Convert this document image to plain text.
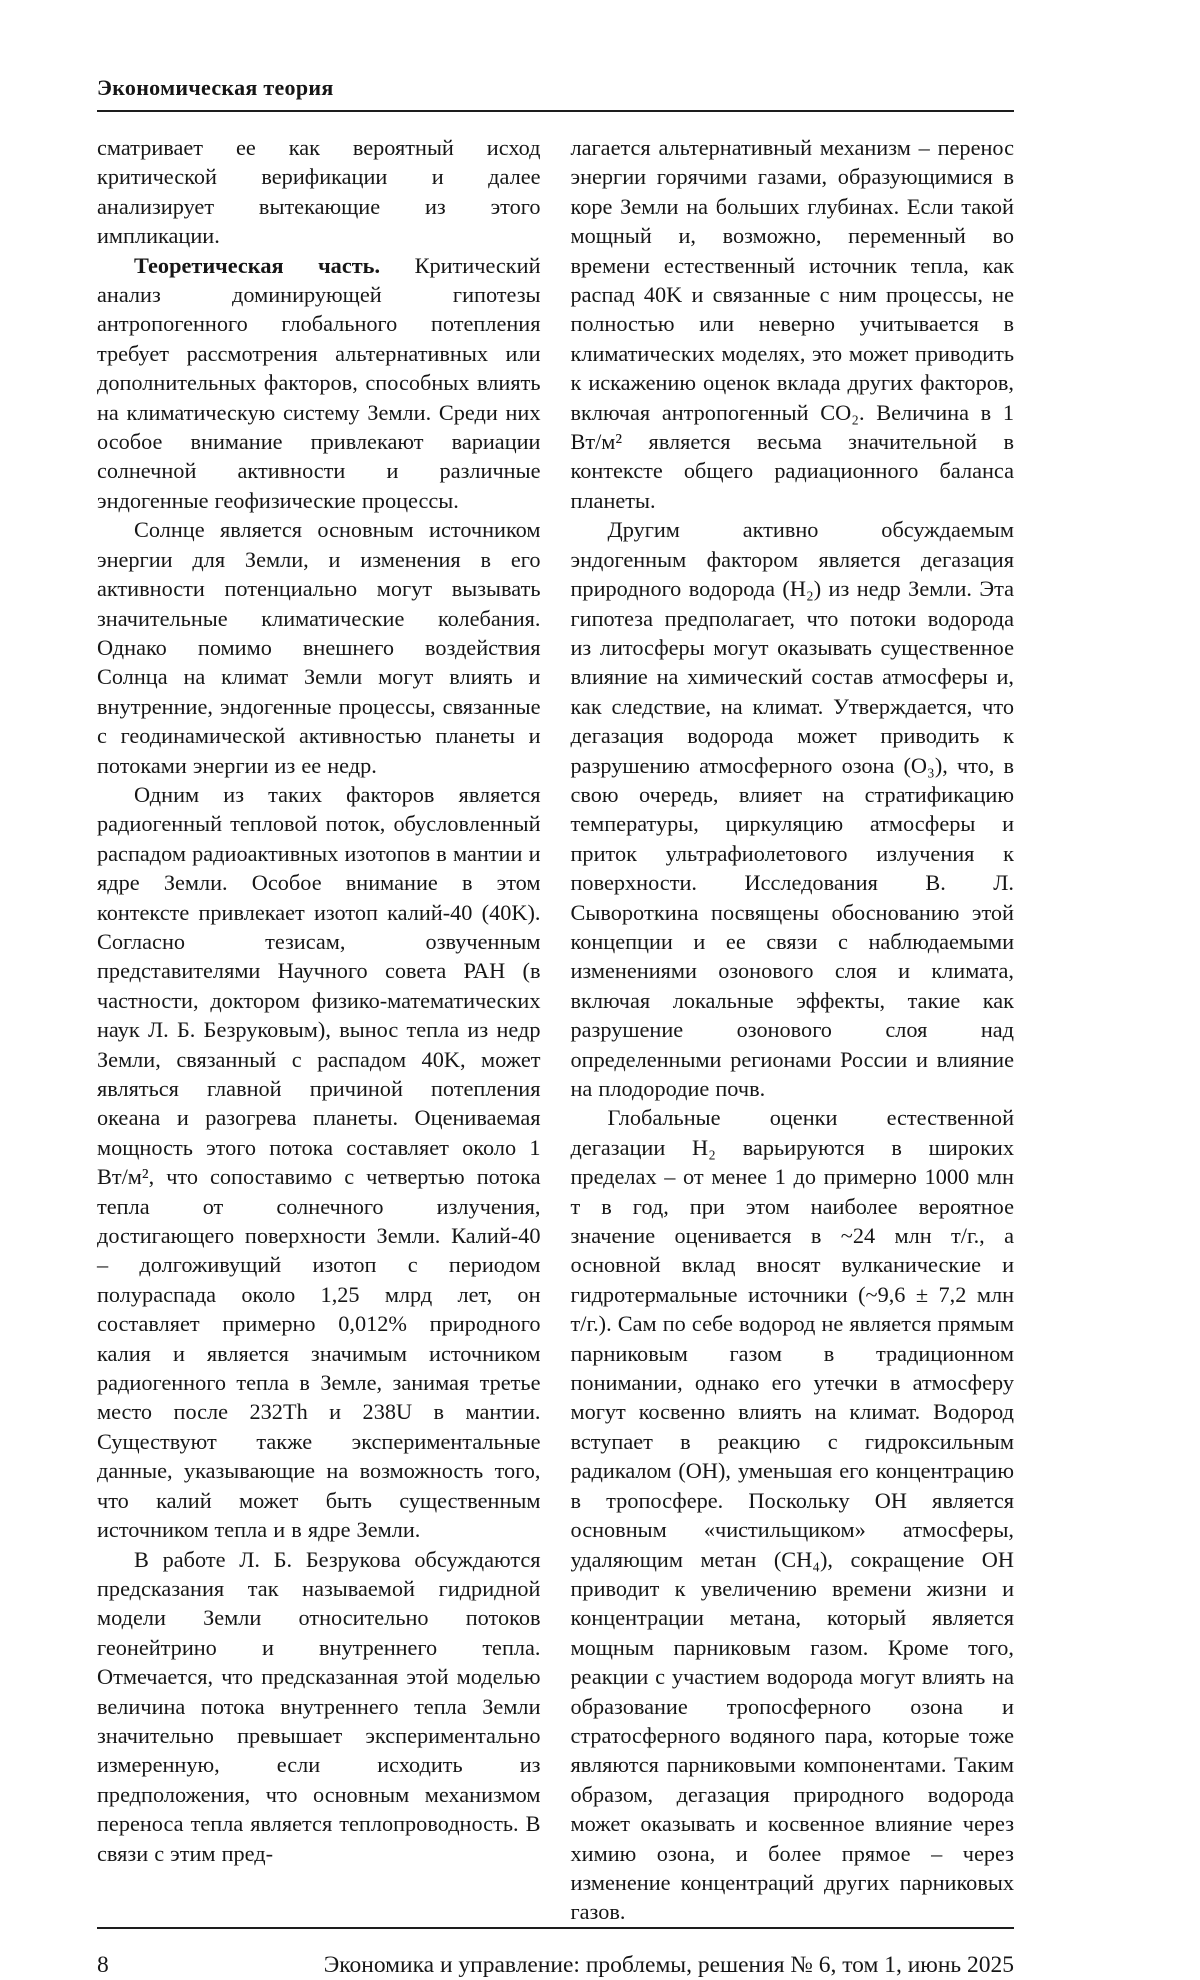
Экономическая теория

сматривает ее как вероятный исход критической верификации и далее анализирует вытекающие из этого импликации.

Теоретическая часть. Критический анализ доминирующей гипотезы антропогенного глобального потепления требует рассмотрения альтернативных или дополнительных факторов, способных влиять на климатическую систему Земли. Среди них особое внимание привлекают вариации солнечной активности и различные эндогенные геофизические процессы.

Солнце является основным источником энергии для Земли, и изменения в его активности потенциально могут вызывать значительные климатические колебания. Однако помимо внешнего воздействия Солнца на климат Земли могут влиять и внутренние, эндогенные процессы, связанные с геодинамической активностью планеты и потоками энергии из ее недр.

Одним из таких факторов является радиогенный тепловой поток, обусловленный распадом радиоактивных изотопов в мантии и ядре Земли. Особое внимание в этом контексте привлекает изотоп калий-40 (40K). Согласно тезисам, озвученным представителями Научного совета РАН (в частности, доктором физико-математических наук Л. Б. Безруковым), вынос тепла из недр Земли, связанный с распадом 40K, может являться главной причиной потепления океана и разогрева планеты. Оцениваемая мощность этого потока составляет около 1 Вт/м², что сопоставимо с четвертью потока тепла от солнечного излучения, достигающего поверхности Земли. Калий-40 – долгоживущий изотоп с периодом полураспада около 1,25 млрд лет, он составляет примерно 0,012% природного калия и является значимым источником радиогенного тепла в Земле, занимая третье место после 232Th и 238U в мантии. Существуют также экспериментальные данные, указывающие на возможность того, что калий может быть существенным источником тепла и в ядре Земли.

В работе Л. Б. Безрукова обсуждаются предсказания так называемой гидридной модели Земли относительно потоков геонейтрино и внутреннего тепла. Отмечается, что предсказанная этой моделью величина потока внутреннего тепла Земли значительно превышает экспериментально измеренную, если исходить из предположения, что основным механизмом переноса тепла является теплопроводность. В связи с этим пред-

лагается альтернативный механизм – перенос энергии горячими газами, образующимися в коре Земли на больших глубинах. Если такой мощный и, возможно, переменный во времени естественный источник тепла, как распад 40K и связанные с ним процессы, не полностью или неверно учитывается в климатических моделях, это может приводить к искажению оценок вклада других факторов, включая антропогенный CO₂. Величина в 1 Вт/м² является весьма значительной в контексте общего радиационного баланса планеты.

Другим активно обсуждаемым эндогенным фактором является дегазация природного водорода (H₂) из недр Земли. Эта гипотеза предполагает, что потоки водорода из литосферы могут оказывать существенное влияние на химический состав атмосферы и, как следствие, на климат. Утверждается, что дегазация водорода может приводить к разрушению атмосферного озона (O₃), что, в свою очередь, влияет на стратификацию температуры, циркуляцию атмосферы и приток ультрафиолетового излучения к поверхности. Исследования В. Л. Сыворoткина посвящены обоснованию этой концепции и ее связи с наблюдаемыми изменениями озонового слоя и климата, включая локальные эффекты, такие как разрушение озонового слоя над определенными регионами России и влияние на плодородие почв.

Глобальные оценки естественной дегазации H₂ варьируются в широких пределах – от менее 1 до примерно 1000 млн т в год, при этом наиболее вероятное значение оценивается в ~24 млн т/г., а основной вклад вносят вулканические и гидротермальные источники (~9,6 ± 7,2 млн т/г.). Сам по себе водород не является прямым парниковым газом в традиционном понимании, однако его утечки в атмосферу могут косвенно влиять на климат. Водород вступает в реакцию с гидроксильным радикалом (OH), уменьшая его концентрацию в тропосфере. Поскольку OH является основным «чистильщиком» атмосферы, удаляющим метан (CH₄), сокращение OH приводит к увеличению времени жизни и концентрации метана, который является мощным парниковым газом. Кроме того, реакции с участием водорода могут влиять на образование тропосферного озона и стратосферного водяного пара, которые тоже являются парниковыми компонентами. Таким образом, дегазация природного водорода может оказывать и косвенное влияние через химию озона, и более прямое – через изменение концентраций других парниковых газов.

8	Экономика и управление: проблемы, решения № 6, том 1, июнь 2025
